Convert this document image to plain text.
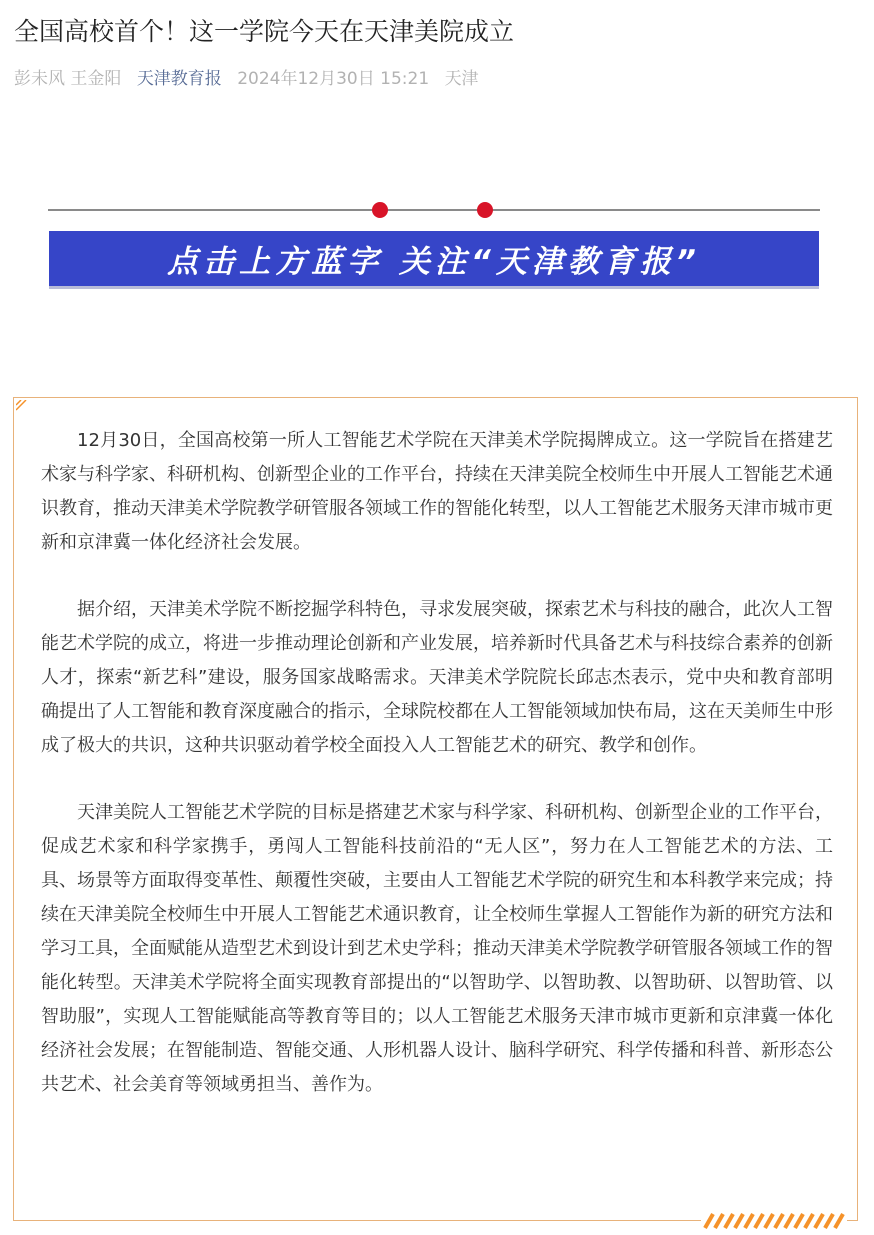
全国高校首个！这一学院今天在天津美院成立
彭未风 王金阳 天津教育报 2024年12月30日 15:21 天津
点击上方蓝字 关注“天津教育报”

12月30日，全国高校第一所人工智能艺术学院在天津美术学院揭牌成立。这一学院旨在搭建艺术家与科学家、科研机构、创新型企业的工作平台，持续在天津美院全校师生中开展人工智能艺术通识教育，推动天津美术学院教学研管服各领域工作的智能化转型，以人工智能艺术服务天津市城市更新和京津冀一体化经济社会发展。

据介绍，天津美术学院不断挖掘学科特色，寻求发展突破，探索艺术与科技的融合，此次人工智能艺术学院的成立，将进一步推动理论创新和产业发展，培养新时代具备艺术与科技综合素养的创新人才，探索“新艺科”建设，服务国家战略需求。天津美术学院院长邱志杰表示，党中央和教育部明确提出了人工智能和教育深度融合的指示，全球院校都在人工智能领域加快布局，这在天美师生中形成了极大的共识，这种共识驱动着学校全面投入人工智能艺术的研究、教学和创作。

天津美院人工智能艺术学院的目标是搭建艺术家与科学家、科研机构、创新型企业的工作平台，促成艺术家和科学家携手，勇闯人工智能科技前沿的“无人区”，努力在人工智能艺术的方法、工具、场景等方面取得变革性、颠覆性突破，主要由人工智能艺术学院的研究生和本科教学来完成；持续在天津美院全校师生中开展人工智能艺术通识教育，让全校师生掌握人工智能作为新的研究方法和学习工具，全面赋能从造型艺术到设计到艺术史学科；推动天津美术学院教学研管服各领域工作的智能化转型。天津美术学院将全面实现教育部提出的“以智助学、以智助教、以智助研、以智助管、以智助服”，实现人工智能赋能高等教育等目的；以人工智能艺术服务天津市城市更新和京津冀一体化经济社会发展；在智能制造、智能交通、人形机器人设计、脑科学研究、科学传播和科普、新形态公共艺术、社会美育等领域勇担当、善作为。
